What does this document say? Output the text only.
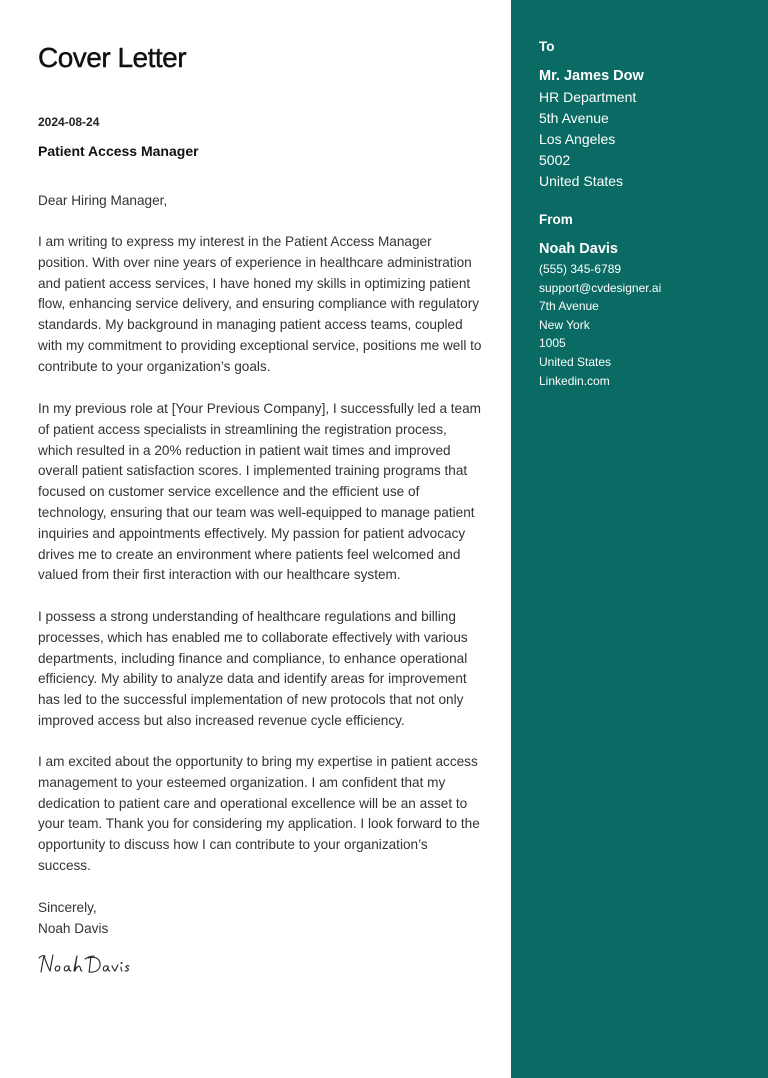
Cover Letter
2024-08-24
Patient Access Manager

Dear Hiring Manager,

I am writing to express my interest in the Patient Access Manager position. With over nine years of experience in healthcare administration and patient access services, I have honed my skills in optimizing patient flow, enhancing service delivery, and ensuring compliance with regulatory standards. My background in managing patient access teams, coupled with my commitment to providing exceptional service, positions me well to contribute to your organization’s goals.

In my previous role at [Your Previous Company], I successfully led a team of patient access specialists in streamlining the registration process, which resulted in a 20% reduction in patient wait times and improved overall patient satisfaction scores. I implemented training programs that focused on customer service excellence and the efficient use of technology, ensuring that our team was well-equipped to manage patient inquiries and appointments effectively. My passion for patient advocacy drives me to create an environment where patients feel welcomed and valued from their first interaction with our healthcare system.

I possess a strong understanding of healthcare regulations and billing processes, which has enabled me to collaborate effectively with various departments, including finance and compliance, to enhance operational efficiency. My ability to analyze data and identify areas for improvement has led to the successful implementation of new protocols that not only improved access but also increased revenue cycle efficiency.

I am excited about the opportunity to bring my expertise in patient access management to your esteemed organization. I am confident that my dedication to patient care and operational excellence will be an asset to your team. Thank you for considering my application. I look forward to the opportunity to discuss how I can contribute to your organization’s success.

Sincerely,

Noah Davis

To
Mr. James Dow
HR Department
5th Avenue
Los Angeles
5002
United States
From
Noah Davis
(555) 345-6789
support@cvdesigner.ai
7th Avenue
New York
1005
United States
Linkedin.com
